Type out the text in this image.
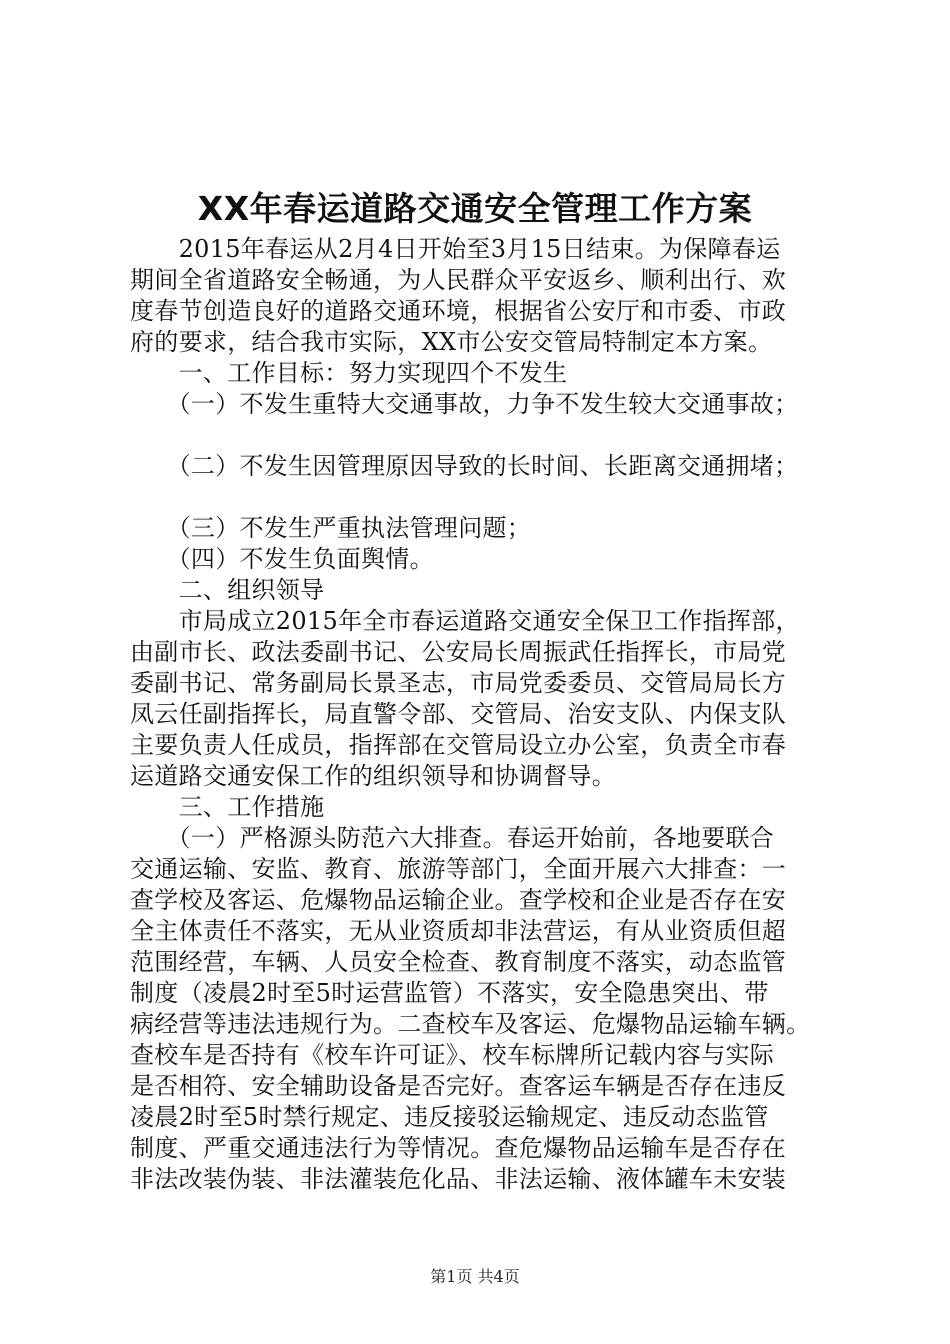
XX年春运道路交通安全管理工作方案
　　2015年春运从2月4日开始至3月15日结束。为保障春运
期间全省道路安全畅通，为人民群众平安返乡、顺利出行、欢
度春节创造良好的道路交通环境，根据省公安厅和市委、市政
府的要求，结合我市实际，XX市公安交管局特制定本方案。
　　一、工作目标：努力实现四个不发生
　　（一）不发生重特大交通事故，力争不发生较大交通事故；
　　（二）不发生因管理原因导致的长时间、长距离交通拥堵；
　　（三）不发生严重执法管理问题；
　　（四）不发生负面舆情。
　　二、组织领导
　　市局成立2015年全市春运道路交通安全保卫工作指挥部，
由副市长、政法委副书记、公安局长周振武任指挥长，市局党
委副书记、常务副局长景圣志，市局党委委员、交管局局长方
凤云任副指挥长，局直警令部、交管局、治安支队、内保支队
主要负责人任成员，指挥部在交管局设立办公室，负责全市春
运道路交通安保工作的组织领导和协调督导。
　　三、工作措施
　　（一）严格源头防范六大排查。春运开始前，各地要联合
交通运输、安监、教育、旅游等部门，全面开展六大排查：一
查学校及客运、危爆物品运输企业。查学校和企业是否存在安
全主体责任不落实，无从业资质却非法营运，有从业资质但超
范围经营，车辆、人员安全检查、教育制度不落实，动态监管
制度（凌晨2时至5时运营监管）不落实，安全隐患突出、带
病经营等违法违规行为。二查校车及客运、危爆物品运输车辆。
查校车是否持有《校车许可证》、校车标牌所记载内容与实际
是否相符、安全辅助设备是否完好。查客运车辆是否存在违反
凌晨2时至5时禁行规定、违反接驳运输规定、违反动态监管
制度、严重交通违法行为等情况。查危爆物品运输车是否存在
非法改装伪装、非法灌装危化品、非法运输、液体罐车未安装
第1页 共4页
